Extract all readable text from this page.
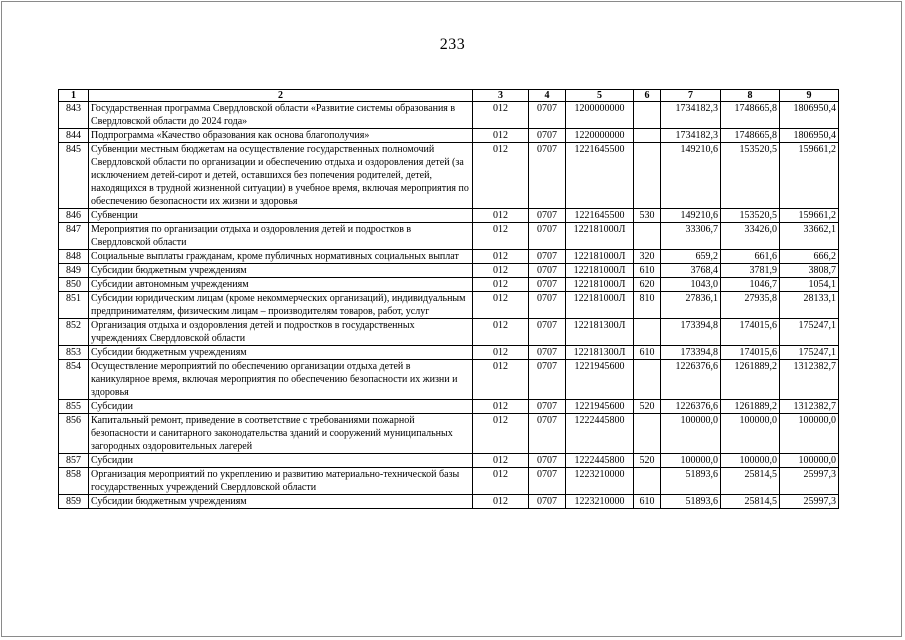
233
1	2	3	4	5	6	7	8	9
843	Государственная программа Свердловской области «Развитие системы образования в Свердловской области до 2024 года»	012	0707	1200000000		1734182,3	1748665,8	1806950,4
844	Подпрограмма «Качество образования как основа благополучия»	012	0707	1220000000		1734182,3	1748665,8	1806950,4
845	Субвенции местным бюджетам на осуществление государственных полномочий Свердловской области по организации и обеспечению отдыха и оздоровления детей (за исключением детей-сирот и детей, оставшихся без попечения родителей, детей, находящихся в трудной жизненной ситуации) в учебное время, включая мероприятия по обеспечению безопасности их жизни и здоровья	012	0707	1221645500		149210,6	153520,5	159661,2
846	Субвенции	012	0707	1221645500	530	149210,6	153520,5	159661,2
847	Мероприятия по организации отдыха и оздоровления детей и подростков в Свердловской области	012	0707	122181000Л		33306,7	33426,0	33662,1
848	Социальные выплаты гражданам, кроме публичных нормативных социальных выплат	012	0707	122181000Л	320	659,2	661,6	666,2
849	Субсидии бюджетным учреждениям	012	0707	122181000Л	610	3768,4	3781,9	3808,7
850	Субсидии автономным учреждениям	012	0707	122181000Л	620	1043,0	1046,7	1054,1
851	Субсидии юридическим лицам (кроме некоммерческих организаций), индивидуальным предпринимателям, физическим лицам – производителям товаров, работ, услуг	012	0707	122181000Л	810	27836,1	27935,8	28133,1
852	Организация отдыха и оздоровления детей и подростков в государственных учреждениях Свердловской области	012	0707	122181300Л		173394,8	174015,6	175247,1
853	Субсидии бюджетным учреждениям	012	0707	122181300Л	610	173394,8	174015,6	175247,1
854	Осуществление мероприятий по обеспечению организации отдыха детей в каникулярное время, включая мероприятия по обеспечению безопасности их жизни и здоровья	012	0707	1221945600		1226376,6	1261889,2	1312382,7
855	Субсидии	012	0707	1221945600	520	1226376,6	1261889,2	1312382,7
856	Капитальный ремонт, приведение в соответствие с требованиями пожарной безопасности и санитарного законодательства зданий и сооружений муниципальных загородных оздоровительных лагерей	012	0707	1222445800		100000,0	100000,0	100000,0
857	Субсидии	012	0707	1222445800	520	100000,0	100000,0	100000,0
858	Организация мероприятий по укреплению и развитию материально-технической базы государственных учреждений Свердловской области	012	0707	1223210000		51893,6	25814,5	25997,3
859	Субсидии бюджетным учреждениям	012	0707	1223210000	610	51893,6	25814,5	25997,3
